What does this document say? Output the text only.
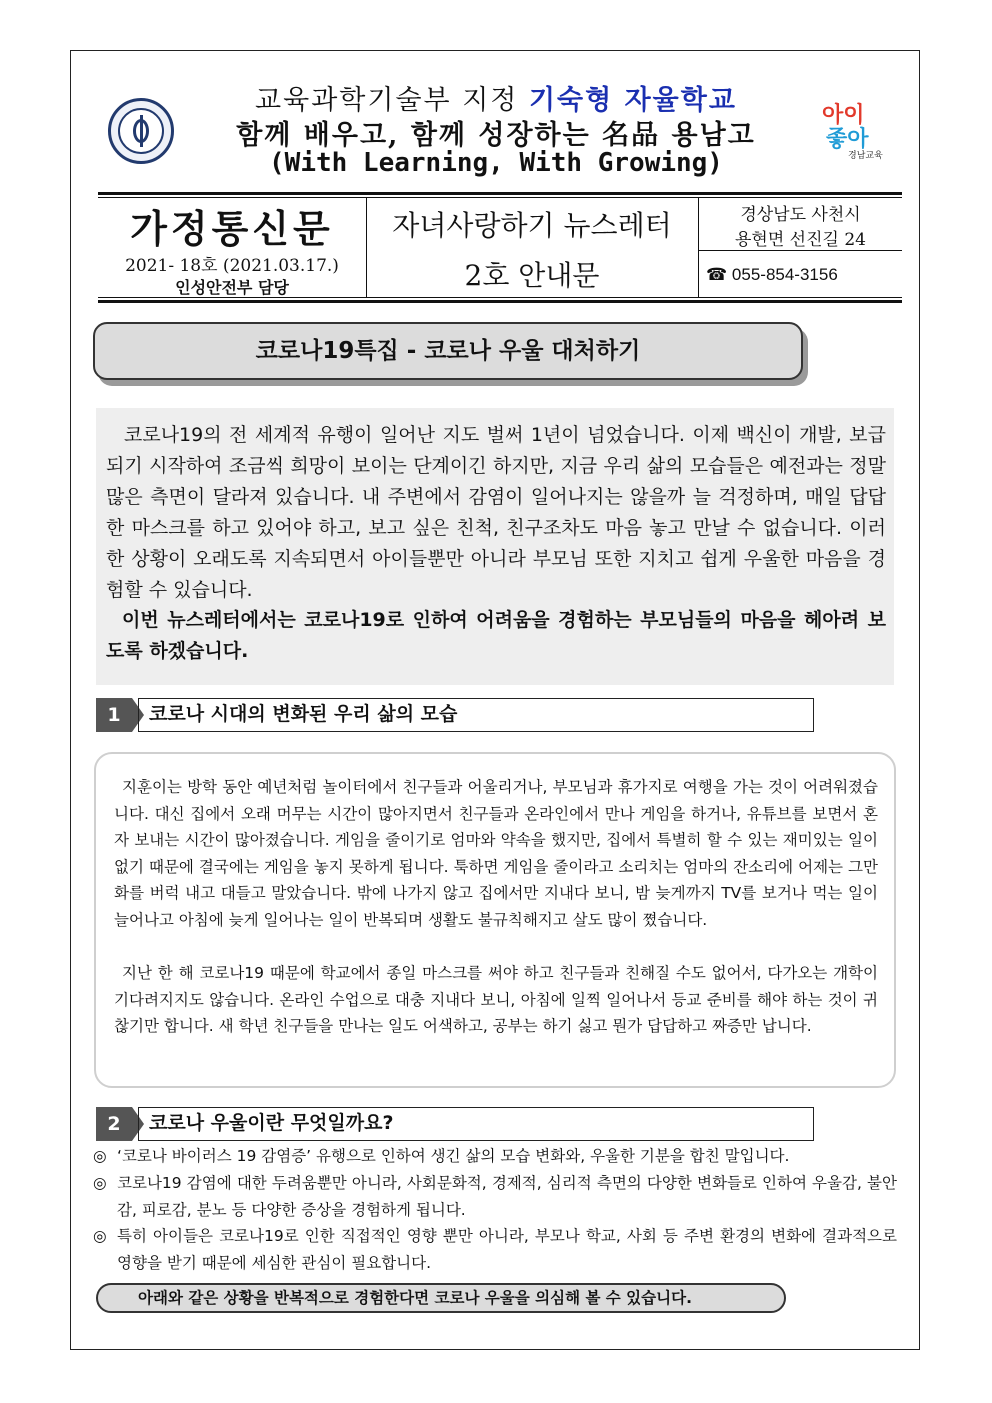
교육과학기술부 지정 기숙형 자율학교
함께 배우고, 함께 성장하는 名品 용남고
(With Learning, With Growing)
아이
좋아
경남교육
가정통신문
2021- 18호 (2021.03.17.)
인성안전부 담당
자녀사랑하기 뉴스레터
2호 안내문
경상남도 사천시
용현면 선진길 24
☎ 055-854-3156
코로나19특집 - 코로나 우울 대처하기

코로나19의 전 세계적 유행이 일어난 지도 벌써 1년이 넘었습니다. 이제 백신이 개발, 보급되기 시작하여 조금씩 희망이 보이는 단계이긴 하지만, 지금 우리 삶의 모습들은 예전과는 정말 많은 측면이 달라져 있습니다. 내 주변에서 감염이 일어나지는 않을까 늘 걱정하며, 매일 답답한 마스크를 하고 있어야 하고, 보고 싶은 친척, 친구조차도 마음 놓고 만날 수 없습니다. 이러한 상황이 오래도록 지속되면서 아이들뿐만 아니라 부모님 또한 지치고 쉽게 우울한 마음을 경험할 수 있습니다.

이번 뉴스레터에서는 코로나19로 인하여 어려움을 경험하는 부모님들의 마음을 헤아려 보도록 하겠습니다.

1	코로나 시대의 변화된 우리 삶의 모습

지훈이는 방학 동안 예년처럼 놀이터에서 친구들과 어울리거나, 부모님과 휴가지로 여행을 가는 것이 어려워졌습니다. 대신 집에서 오래 머무는 시간이 많아지면서 친구들과 온라인에서 만나 게임을 하거나, 유튜브를 보면서 혼자 보내는 시간이 많아졌습니다. 게임을 줄이기로 엄마와 약속을 했지만, 집에서 특별히 할 수 있는 재미있는 일이 없기 때문에 결국에는 게임을 놓지 못하게 됩니다. 툭하면 게임을 줄이라고 소리치는 엄마의 잔소리에 어제는 그만 화를 버럭 내고 대들고 말았습니다. 밖에 나가지 않고 집에서만 지내다 보니, 밤 늦게까지 TV를 보거나 먹는 일이 늘어나고 아침에 늦게 일어나는 일이 반복되며 생활도 불규칙해지고 살도 많이 쪘습니다.

지난 한 해 코로나19 때문에 학교에서 종일 마스크를 써야 하고 친구들과 친해질 수도 없어서, 다가오는 개학이 기다려지지도 않습니다. 온라인 수업으로 대충 지내다 보니, 아침에 일찍 일어나서 등교 준비를 해야 하는 것이 귀찮기만 합니다. 새 학년 친구들을 만나는 일도 어색하고, 공부는 하기 싫고 뭔가 답답하고 짜증만 납니다.

2	코로나 우울이란 무엇일까요?
◎ ‘코로나 바이러스 19 감염증’ 유행으로 인하여 생긴 삶의 모습 변화와, 우울한 기분을 합친 말입니다.
◎ 코로나19 감염에 대한 두려움뿐만 아니라, 사회문화적, 경제적, 심리적 측면의 다양한 변화들로 인하여 우울감, 불안감, 피로감, 분노 등 다양한 증상을 경험하게 됩니다.
◎ 특히 아이들은 코로나19로 인한 직접적인 영향 뿐만 아니라, 부모나 학교, 사회 등 주변 환경의 변화에 결과적으로 영향을 받기 때문에 세심한 관심이 필요합니다.
아래와 같은 상황을 반복적으로 경험한다면 코로나 우울을 의심해 볼 수 있습니다.
